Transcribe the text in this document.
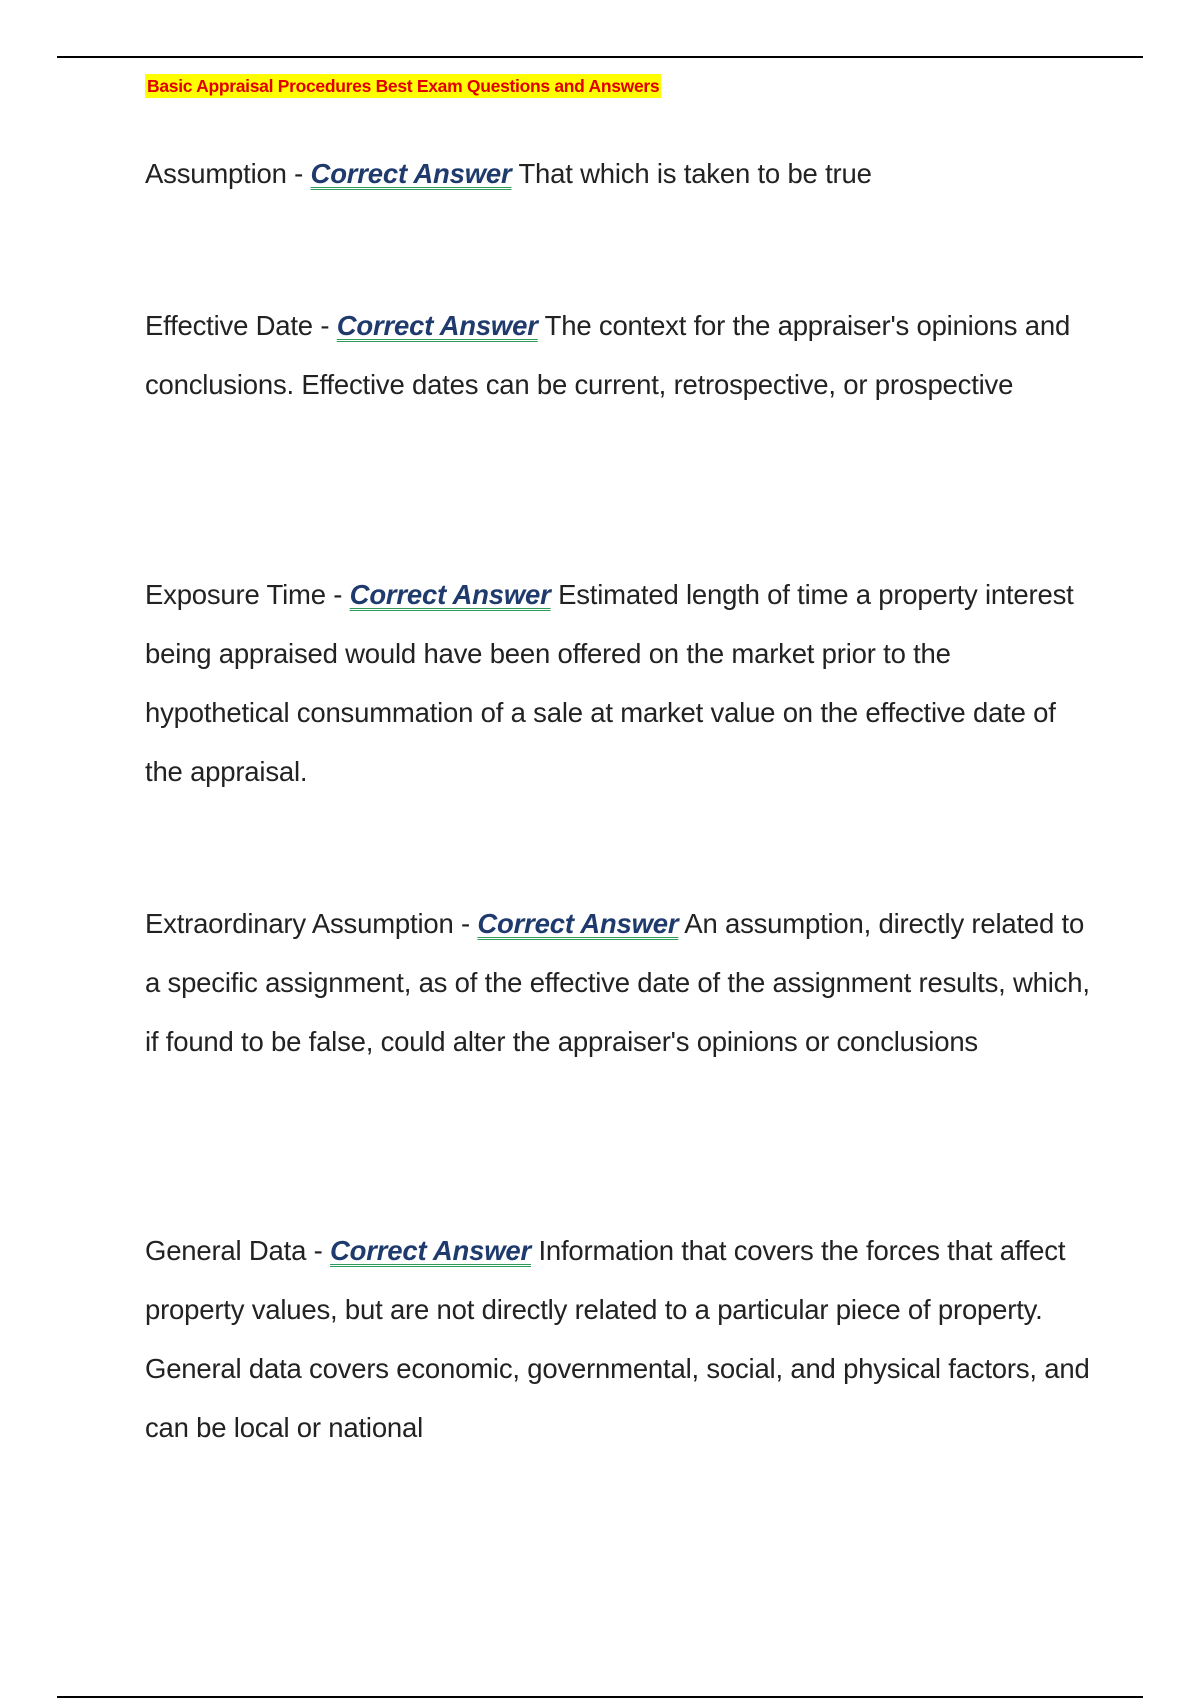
Basic Appraisal Procedures Best Exam Questions and Answers

Assumption - Correct Answer That which is taken to be true

Effective Date - Correct Answer The context for the appraiser's opinions and conclusions. Effective dates can be current, retrospective, or prospective

Exposure Time - Correct Answer Estimated length of time a property interest being appraised would have been offered on the market prior to the hypothetical consummation of a sale at market value on the effective date of the appraisal.

Extraordinary Assumption - Correct Answer An assumption, directly related to a specific assignment, as of the effective date of the assignment results, which, if found to be false, could alter the appraiser's opinions or conclusions

General Data - Correct Answer Information that covers the forces that affect property values, but are not directly related to a particular piece of property. General data covers economic, governmental, social, and physical factors, and can be local or national
